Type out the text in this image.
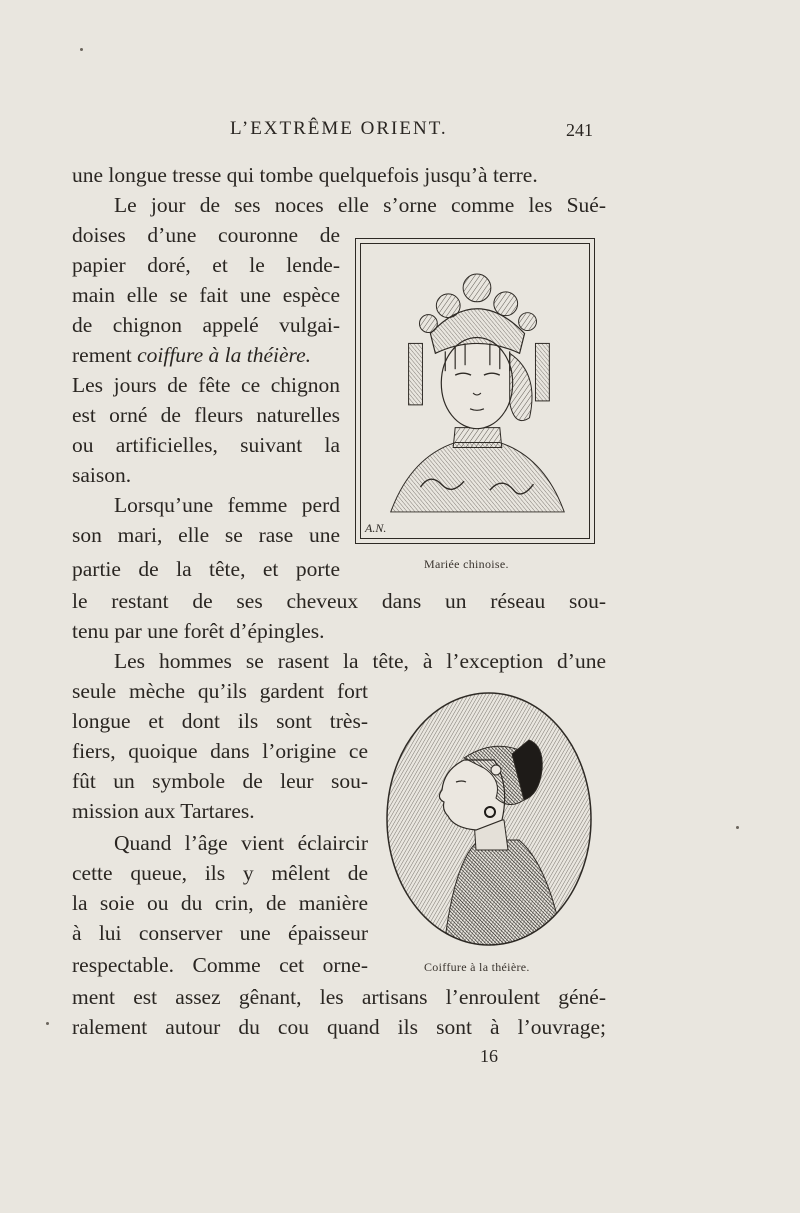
L’EXTRÊME ORIENT.	241
une longue tresse qui tombe quelquefois jusqu’à terre.
Le jour de ses noces elle s’orne comme les Sué-
doises d’une couronne de
papier doré, et le lende-
main elle se fait une espèce
de chignon appelé vulgai-
rement coiffure à la théière.
Les jours de fête ce chignon
est orné de fleurs naturelles
ou artificielles, suivant la
saison.
Lorsqu’une femme perd
son mari, elle se rase une
partie de la tête, et porte
le restant de ses cheveux dans un réseau sou-
tenu par une forêt d’épingles.
Les hommes se rasent la tête, à l’exception d’une
seule mèche qu’ils gardent fort
longue et dont ils sont très-
fiers, quoique dans l’origine ce
fût un symbole de leur sou-
mission aux Tartares.
Quand l’âge vient éclaircir
cette queue, ils y mêlent de
la soie ou du crin, de manière
à lui conserver une épaisseur
respectable. Comme cet orne-
ment est assez gênant, les artisans l’enroulent géné-
ralement autour du cou quand ils sont à l’ouvrage;
A.N.
Mariée chinoise.
Coiffure à la théière.
16
